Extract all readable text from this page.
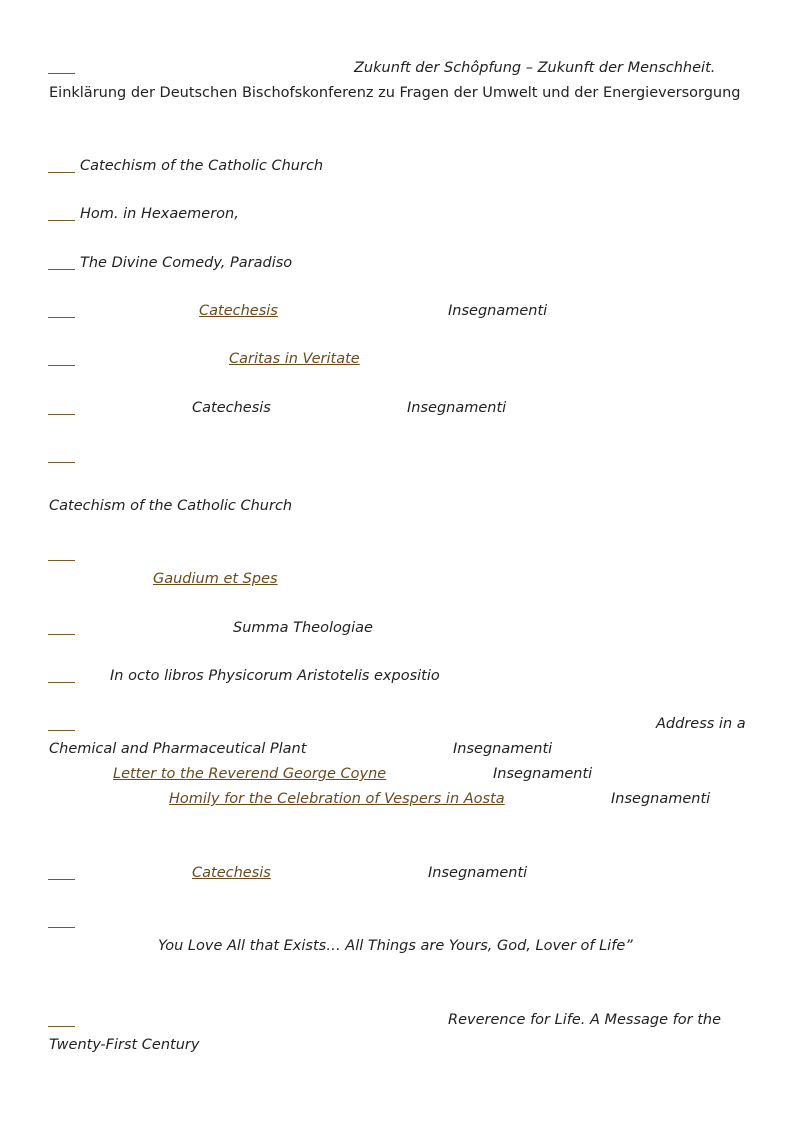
Zukunft der Schôpfung – Zukunft der Menschheit.
Einklärung der Deutschen Bischofskonferenz zu Fragen der Umwelt und der Energieversorgung
Catechism of the Catholic Church
Hom. in Hexaemeron,
The Divine Comedy, Paradiso
Catechesis	Insegnamenti
Caritas in Veritate
Catechesis	Insegnamenti
Catechism of the Catholic Church
Gaudium et Spes
Summa Theologiae
In octo libros Physicorum Aristotelis expositio
Address in a
Chemical and Pharmaceutical Plant	Insegnamenti
Letter to the Reverend George Coyne	Insegnamenti
Homily for the Celebration of Vespers in Aosta	Insegnamenti
Catechesis	Insegnamenti
You Love All that Exists… All Things are Yours, God, Lover of Life”
Reverence for Life. A Message for the
Twenty-First Century
